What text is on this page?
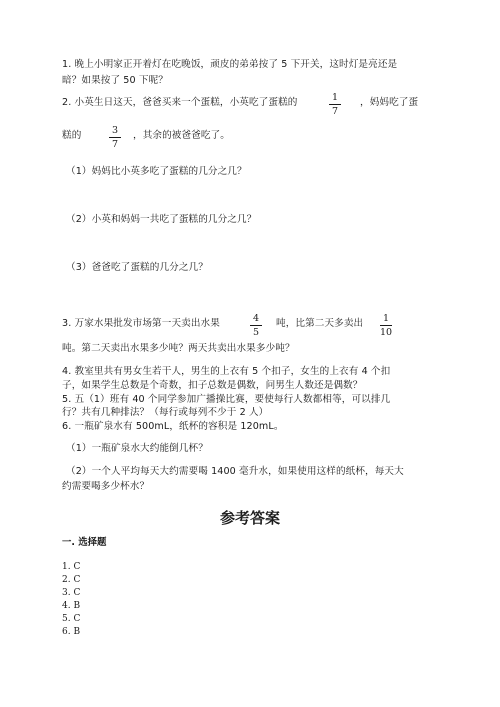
1. 晚上小明家正开着灯在吃晚饭，顽皮的弟弟按了 5 下开关，这时灯是亮还是
暗？如果按了 50 下呢？
2. 小英生日这天，爸爸买来一个蛋糕，小英吃了蛋糕的	1
7
，妈妈吃了蛋
糕的	3
7
，其余的被爸爸吃了。
（1）妈妈比小英多吃了蛋糕的几分之几？
（2）小英和妈妈一共吃了蛋糕的几分之几？
（3）爸爸吃了蛋糕的几分之几？
3. 万家水果批发市场第一天卖出水果	4
5
吨，比第二天多卖出	1
10
吨。第二天卖出水果多少吨？两天共卖出水果多少吨？
4. 教室里共有男女生若干人，男生的上衣有 5 个扣子，女生的上衣有 4 个扣
子，如果学生总数是个奇数，扣子总数是偶数，问男生人数还是偶数？
5. 五（1）班有 40 个同学参加广播操比赛，要使每行人数都相等，可以排几
行？共有几种排法？（每行或每列不少于 2 人）
6. 一瓶矿泉水有 500mL，纸杯的容积是 120mL。
（1）一瓶矿泉水大约能倒几杯？
（2）一个人平均每天大约需要喝 1400 毫升水，如果使用这样的纸杯，每天大
约需要喝多少杯水？
参考答案
一. 选择题
1. C
2. C
3. C
4. B
5. C
6. B
